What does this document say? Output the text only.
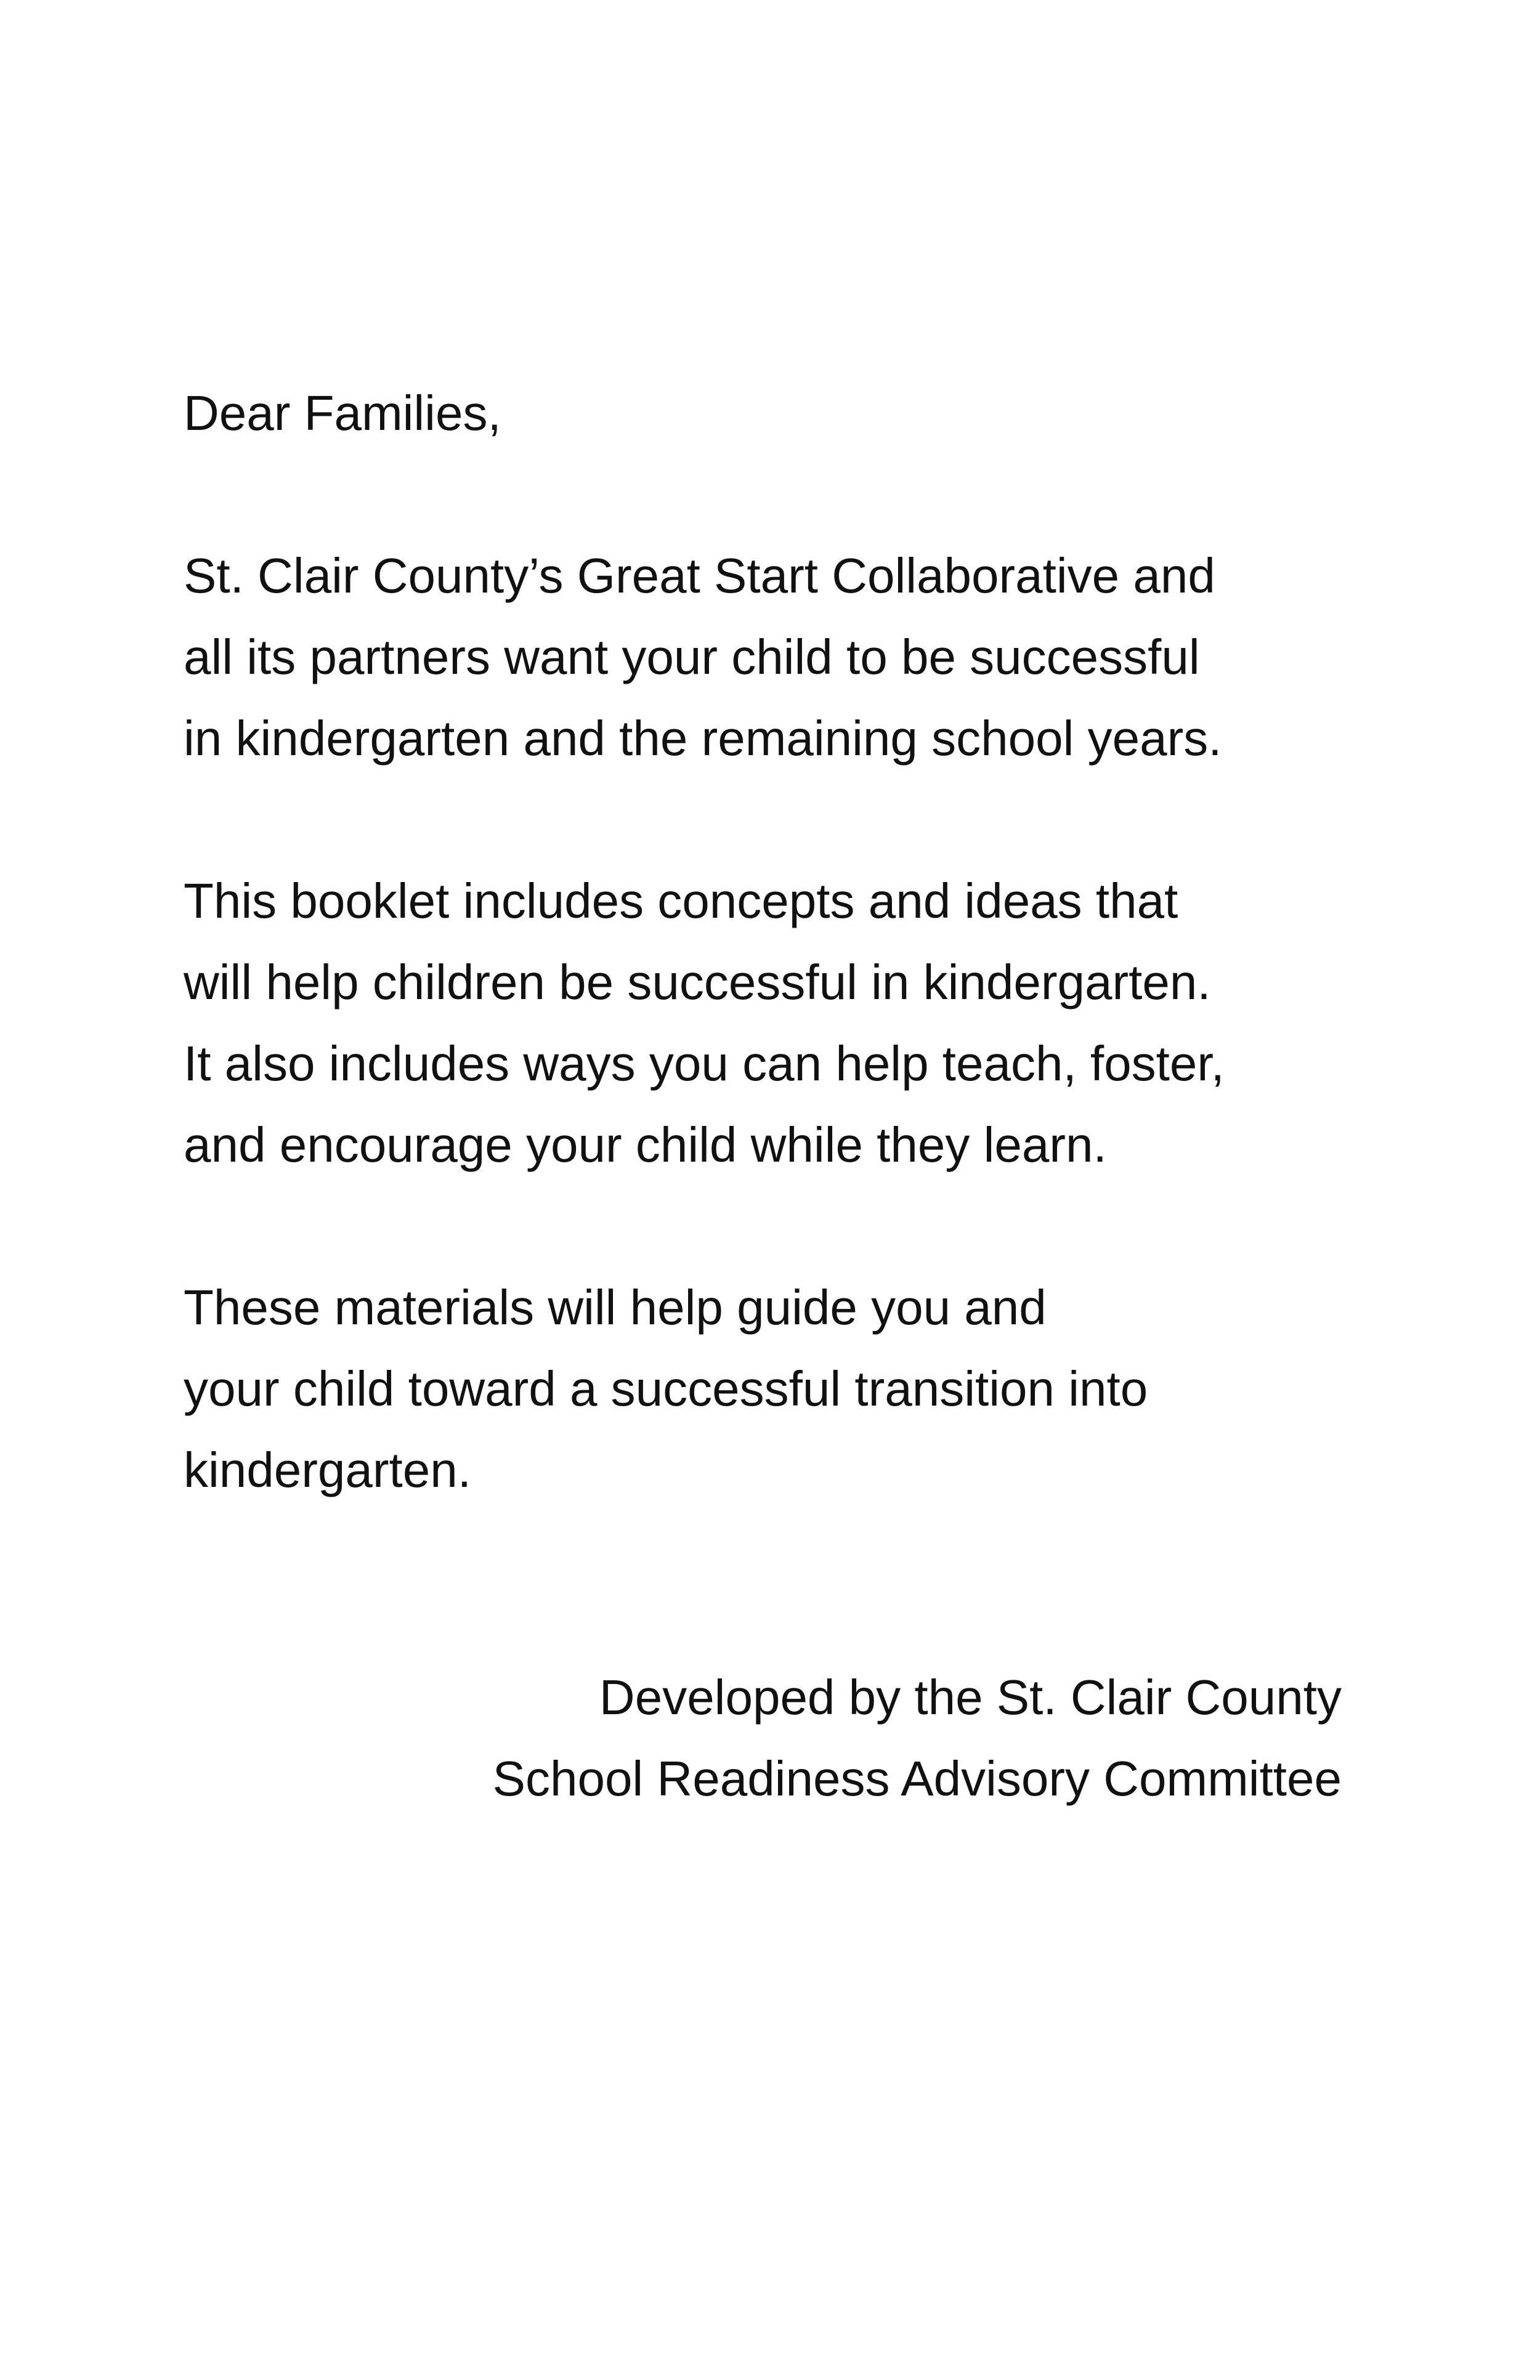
Dear Families,
St. Clair County’s Great Start Collaborative and
all its partners want your child to be successful
in kindergarten and the remaining school years.
This booklet includes concepts and ideas that
will help children be successful in kindergarten.
It also includes ways you can help teach, foster,
and encourage your child while they learn.
These materials will help guide you and
your child toward a successful transition into
kindergarten.
Developed by the St. Clair County
School Readiness Advisory Committee
